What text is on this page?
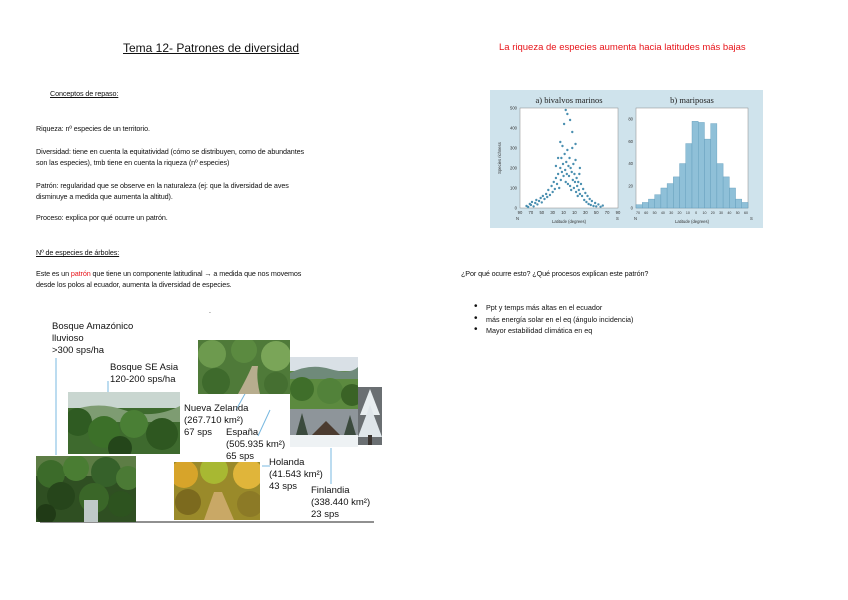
Tema 12- Patrones de diversidad
Conceptos de repaso:
Riqueza: nº especies de un territorio.
Diversidad: tiene en cuenta la equitatividad (cómo se distribuyen, como de abundantes
son las especies), tmb tiene en cuenta la riqueza (nº especies)
Patrón: regularidad que se observe en la naturaleza (ej: que la diversidad de aves
disminuye a medida que aumenta la altitud).
Proceso: explica por qué ocurre un patrón.
Nº de especies de árboles:
Este es un patrón que tiene un componente latitudinal → a medida que nos movemos
desde los polos al ecuador, aumenta la diversidad de especies.
.
Bosque Amazónico
lluvioso
>300 sps/ha
Bosque SE Asia
120-200 sps/ha
Nueva Zelanda
(267.710 km²)
67 sps	España
(505.935 km²)
65 sps
Holanda
(41.543 km²)
43 sps	Finlandia
(338.440 km²)
23 sps
La riqueza de especies aumenta hacia latitudes más bajas
a) bivalvos marinos
0
100
200
300
400
500
90 70 50 30 10 10 30 50 70 90
N	S
Latitude (degrees)
Species richness
b) mariposas
0
20
40
60
80
70 60 50 40 30 20 10 0 10 20 30 40 50 60
N	S
Latitude (degrees)
¿Por qué ocurre esto? ¿Qué procesos explican este patrón?
• Ppt y temps más altas en el ecuador
• más energía solar en el eq (ángulo incidencia)
• Mayor estabilidad climática en eq
